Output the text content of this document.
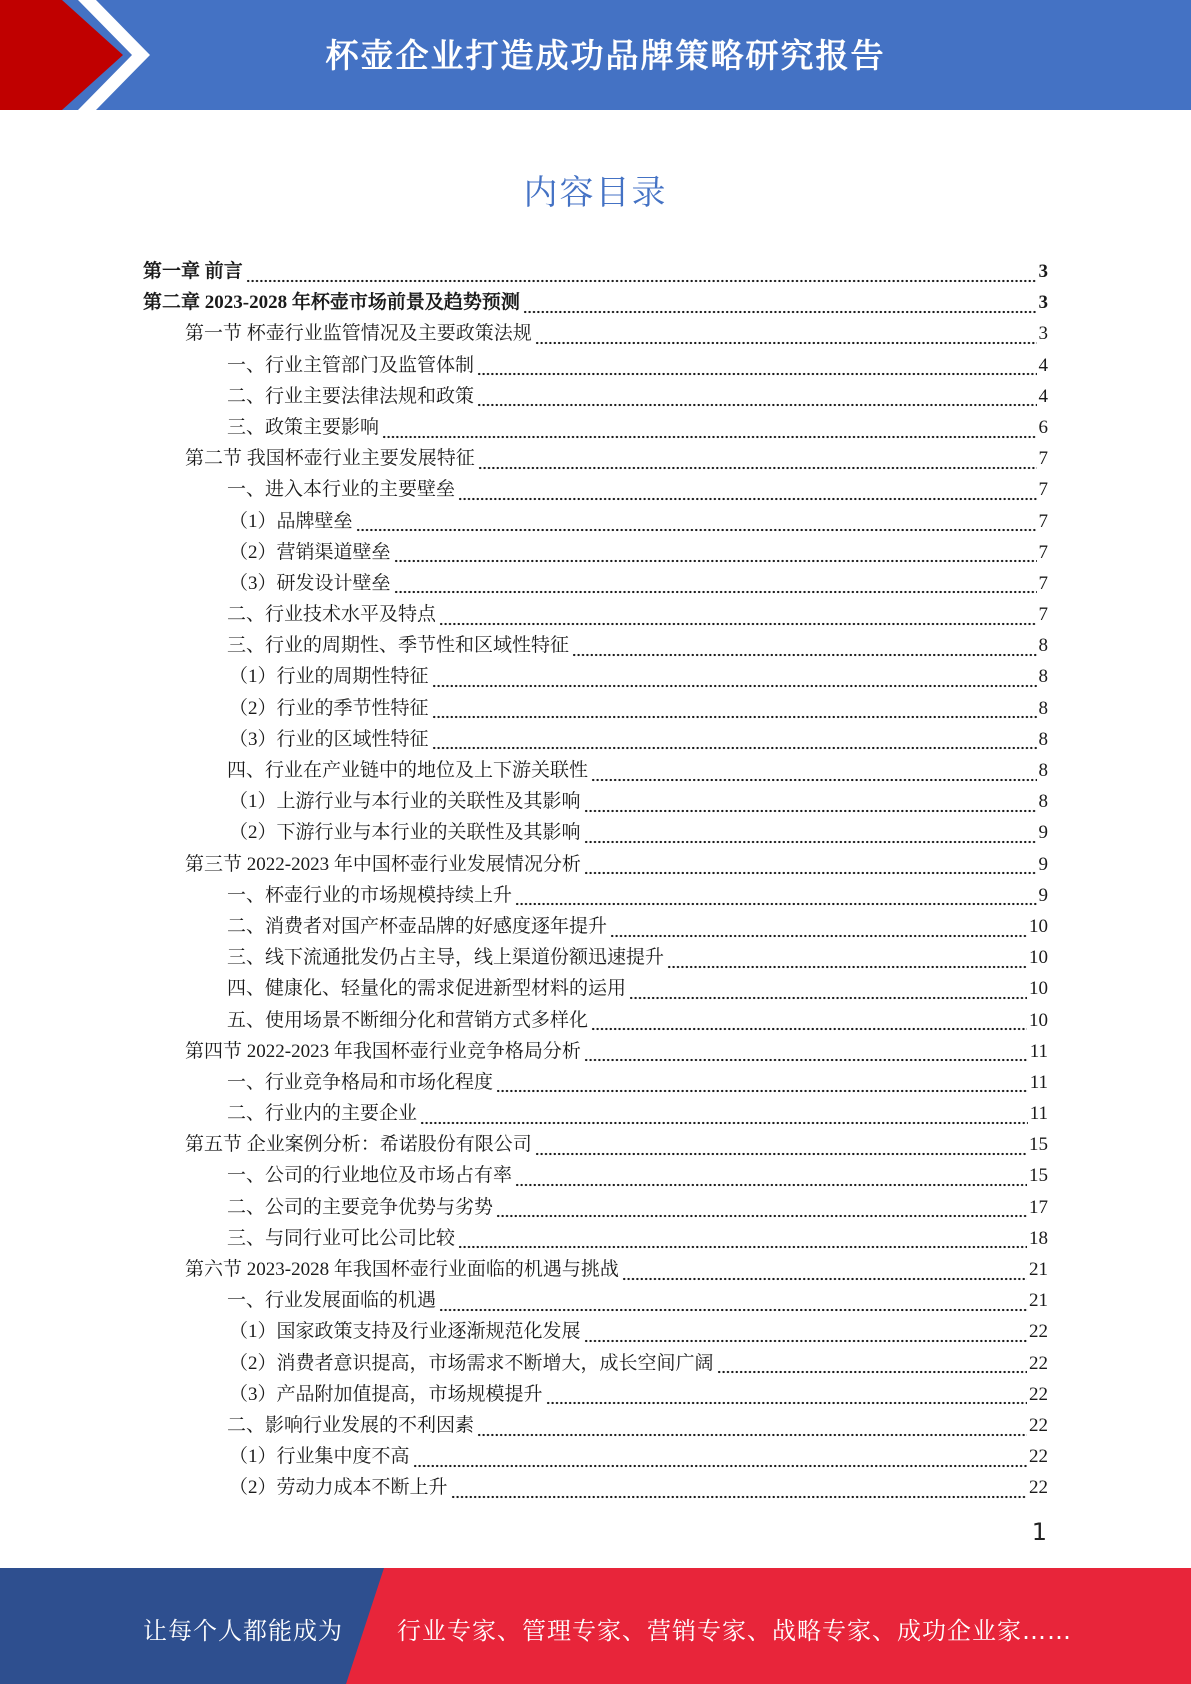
杯壶企业打造成功品牌策略研究报告
内容目录
第一章 前言	3
第二章 2023-2028 年杯壶市场前景及趋势预测	3
第一节 杯壶行业监管情况及主要政策法规	3
一、行业主管部门及监管体制	4
二、行业主要法律法规和政策	4
三、政策主要影响	6
第二节 我国杯壶行业主要发展特征	7
一、进入本行业的主要壁垒	7
（1）品牌壁垒	7
（2）营销渠道壁垒	7
（3）研发设计壁垒	7
二、行业技术水平及特点	7
三、行业的周期性、季节性和区域性特征	8
（1）行业的周期性特征	8
（2）行业的季节性特征	8
（3）行业的区域性特征	8
四、行业在产业链中的地位及上下游关联性	8
（1）上游行业与本行业的关联性及其影响	8
（2）下游行业与本行业的关联性及其影响	9
第三节 2022-2023 年中国杯壶行业发展情况分析	9
一、杯壶行业的市场规模持续上升	9
二、消费者对国产杯壶品牌的好感度逐年提升	10
三、线下流通批发仍占主导，线上渠道份额迅速提升	10
四、健康化、轻量化的需求促进新型材料的运用	10
五、使用场景不断细分化和营销方式多样化	10
第四节 2022-2023 年我国杯壶行业竞争格局分析	11
一、行业竞争格局和市场化程度	11
二、行业内的主要企业	11
第五节 企业案例分析：希诺股份有限公司	15
一、公司的行业地位及市场占有率	15
二、公司的主要竞争优势与劣势	17
三、与同行业可比公司比较	18
第六节 2023-2028 年我国杯壶行业面临的机遇与挑战	21
一、行业发展面临的机遇	21
（1）国家政策支持及行业逐渐规范化发展	22
（2）消费者意识提高，市场需求不断增大，成长空间广阔	22
（3）产品附加值提高，市场规模提升	22
二、影响行业发展的不利因素	22
（1）行业集中度不高	22
（2）劳动力成本不断上升	22
1
让每个人都能成为 行业专家、管理专家、营销专家、战略专家、成功企业家……
